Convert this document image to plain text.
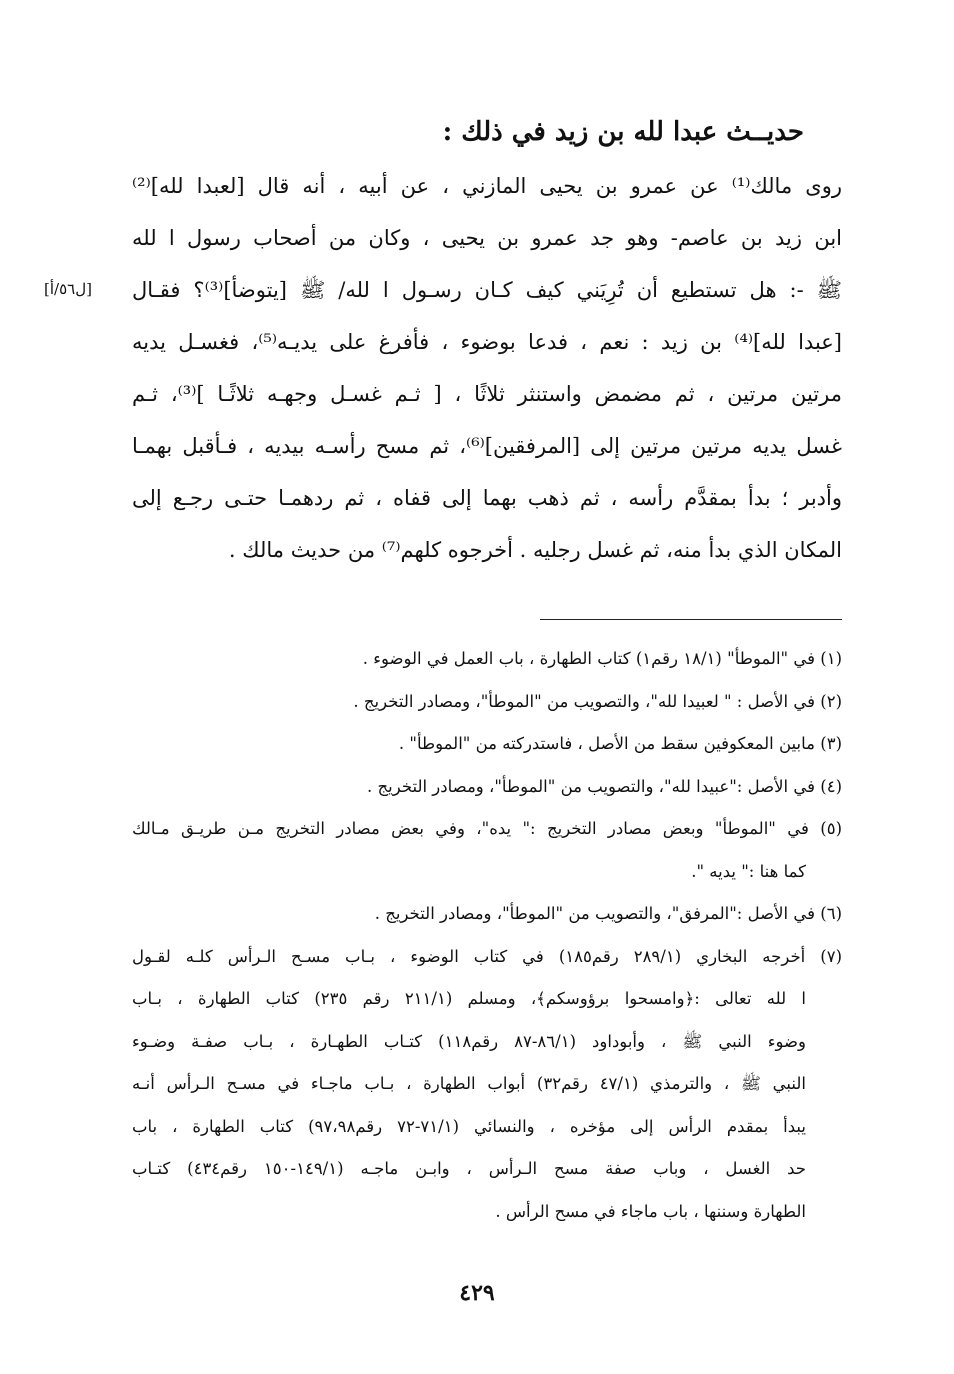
حديــث عبدا لله بن زيد في ذلك :
[ل٥٦/أ]
روى مالك⁽¹⁾ عن عمرو بن يحيى المازني ، عن أبيه ، أنه قال [لعبدا لله]⁽²⁾
ابن زيد بن عاصم- وهو جد عمرو بن يحيى ، وكان من أصحاب رسول ا لله
ﷺ -: هل تستطيع أن تُرِيَني كيف كـان رسـول ا لله/ ﷺ [يتوضأ]⁽³⁾؟ فقـال
[عبدا لله]⁽⁴⁾ بن زيد : نعم ، فدعا بوضوء ، فأفرغ على يديـه⁽⁵⁾، فغسـل يديه
مرتين مرتين ، ثم مضمض واستنثر ثلاثًا ، [ ثـم غسـل وجهـه ثلاثًـا ]⁽³⁾، ثـم
غسل يديه مرتين مرتين إلى [المرفقين]⁽⁶⁾، ثم مسح رأسـه بيديه ، فـأقبل بهمـا
وأدبر ؛ بدأ بمقدَّم رأسه ، ثم ذهب بهما إلى قفاه ، ثم ردهمـا حتـى رجـع إلى
المكان الذي بدأ منه، ثم غسل رجليه . أخرجوه كلهم⁽⁷⁾ من حديث مالك .
(١) في "الموطأ" (١٨/١ رقم١) كتاب الطهارة ، باب العمل في الوضوء .
(٢) في الأصل : " لعبيدا لله"، والتصويب من "الموطأ"، ومصادر التخريج .
(٣) مابين المعكوفين سقط من الأصل ، فاستدركته من "الموطأ" .
(٤) في الأصل :"عبيدا لله"، والتصويب من "الموطأ"، ومصادر التخريج .
(٥) في "الموطأ" وبعض مصادر التخريج :" يده"، وفي بعض مصادر التخريج مـن طريـق مـالك
كما هنا :" يديه ".
(٦) في الأصل :"المرفق"، والتصويب من "الموطأ"، ومصادر التخريج .
(٧) أخرجه البخاري (٢٨٩/١ رقم١٨٥) في كتاب الوضوء ، بـاب مسـح الـرأس كلـه لقـول
ا لله تعالى :﴿وامسحوا برؤوسكم﴾، ومسلم (٢١١/١ رقم ٢٣٥) كتاب الطهارة ، بـاب
وضوء النبي ﷺ ، وأبوداود (٨٦/١-٨٧ رقم١١٨) كتـاب الطهـارة ، بـاب صفـة وضـوء
النبي ﷺ ، والترمذي (٤٧/١ رقم٣٢) أبواب الطهارة ، بـاب ماجـاء في مسـح الـرأس أنـه
يبدأ بمقدم الرأس إلى مؤخره ، والنسائي (٧١/١-٧٢ رقم٩٧،٩٨) كتاب الطهارة ، باب
حد الغسل ، وباب صفة مسح الـرأس ، وابـن ماجـه (١٤٩/١-١٥٠ رقم٤٣٤) كتـاب
الطهارة وسننها ، باب ماجاء في مسح الرأس .
٤٢٩
